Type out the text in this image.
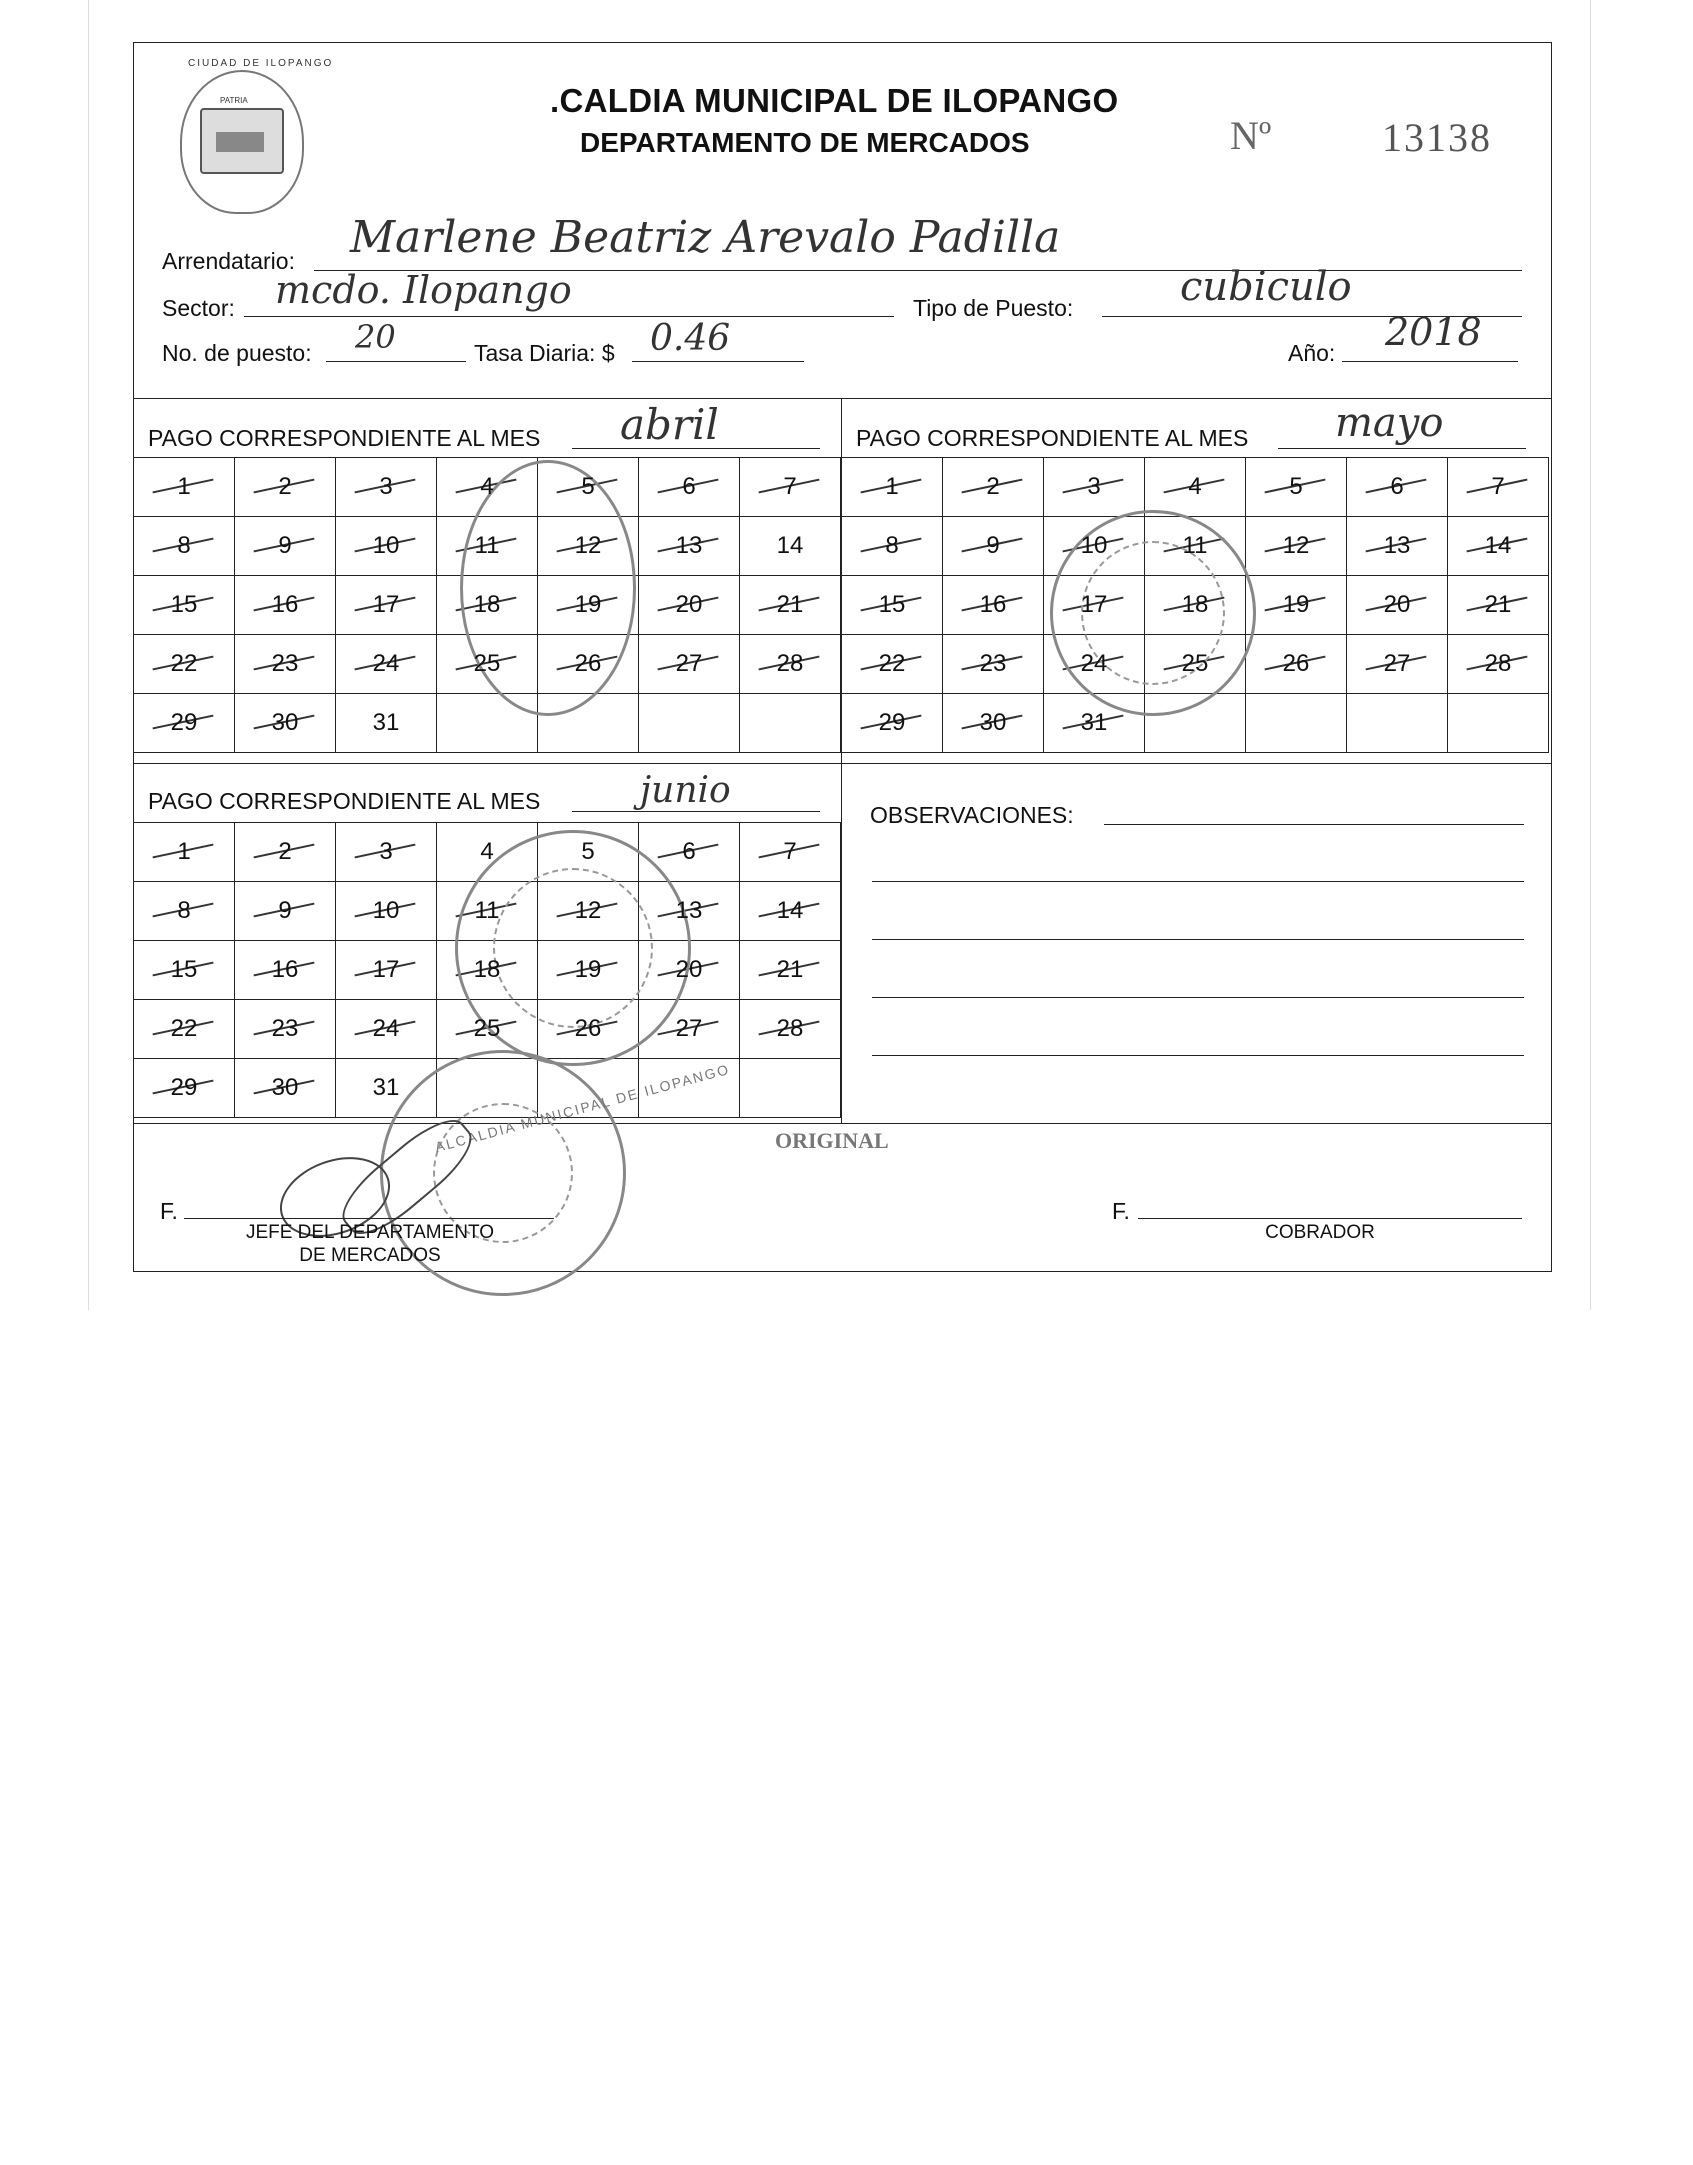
CIUDAD DE ILOPANGO
PATRIA	.CALDIA MUNICIPAL DE ILOPANGO
DEPARTAMENTO DE MERCADOS	Nº	13138
Arrendatario: Marlene Beatriz Arevalo Padilla
Sector: mcdo. Ilopango	Tipo de Puesto:	cubiculo
No. de puesto: 20	Tasa Diaria: $ 0.46	Año: 2018
PAGO CORRESPONDIENTE AL MES abril
1	2	3	4	5	6	7
8	9	10	11	12	13	14
15	16	17	18	19	20	21
22	23	24	25	26	27	28
29	30	31				
PAGO CORRESPONDIENTE AL MES mayo
1	2	3	4	5	6	7
8	9	10	11	12	13	14
15	16	17	18	19	20	21
22	23	24	25	26	27	28
29	30	31				
PAGO CORRESPONDIENTE AL MES	junio
1	2	3	4	5	6	7
8	9	10	11	12	13	14
15	16	17	18	19	20	21
22	23	24	25	26	27	28
29	30	31				
OBSERVACIONES:
ALCALDIA MUNICIPAL DE ILOPANGO ORIGINAL
F.
JEFE DEL DEPARTAMENTO
DE MERCADOS
F.
COBRADOR
